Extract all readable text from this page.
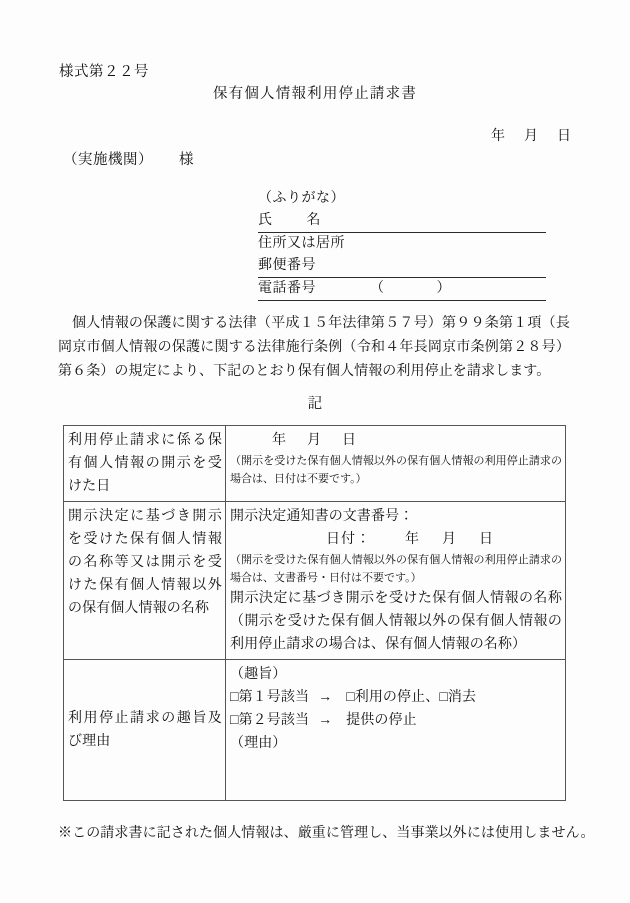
様式第２２号
保有個人情報利用停止請求書
年 月 日
（実施機関） 様
（ふりがな）
氏 名
住所又は居所
郵便番号
電話番号	（	）
個人情報の保護に関する法律（平成１５年法律第５７号）第９９条第１項（長岡京市個人情報の保護に関する法律施行条例（令和４年長岡京市条例第２８号）第６条）の規定により、下記のとおり保有個人情報の利用停止を請求します。
記
利用停止請求に係る保有個人情報の開示を受けた日	年 月 日
（開示を受けた保有個人情報以外の保有個人情報の利用停止請求の場合は、日付は不要です。）

開示決定に基づき開示を受けた保有個人情報の名称等又は開示を受けた保有個人情報以外の保有個人情報の名称	開示決定通知書の文書番号：
日付： 年 月 日
（開示を受けた保有個人情報以外の保有個人情報の利用停止請求の場合は、文書番号・日付は不要です。）
開示決定に基づき開示を受けた保有個人情報の名称（開示を受けた保有個人情報以外の保有個人情報の利用停止請求の場合は、保有個人情報の名称）

利用停止請求の趣旨及び理由	（趣旨）
□第１号該当 → □利用の停止、□消去
□第２号該当 → 提供の停止
（理由）
※この請求書に記された個人情報は、厳重に管理し、当事業以外には使用しません。
